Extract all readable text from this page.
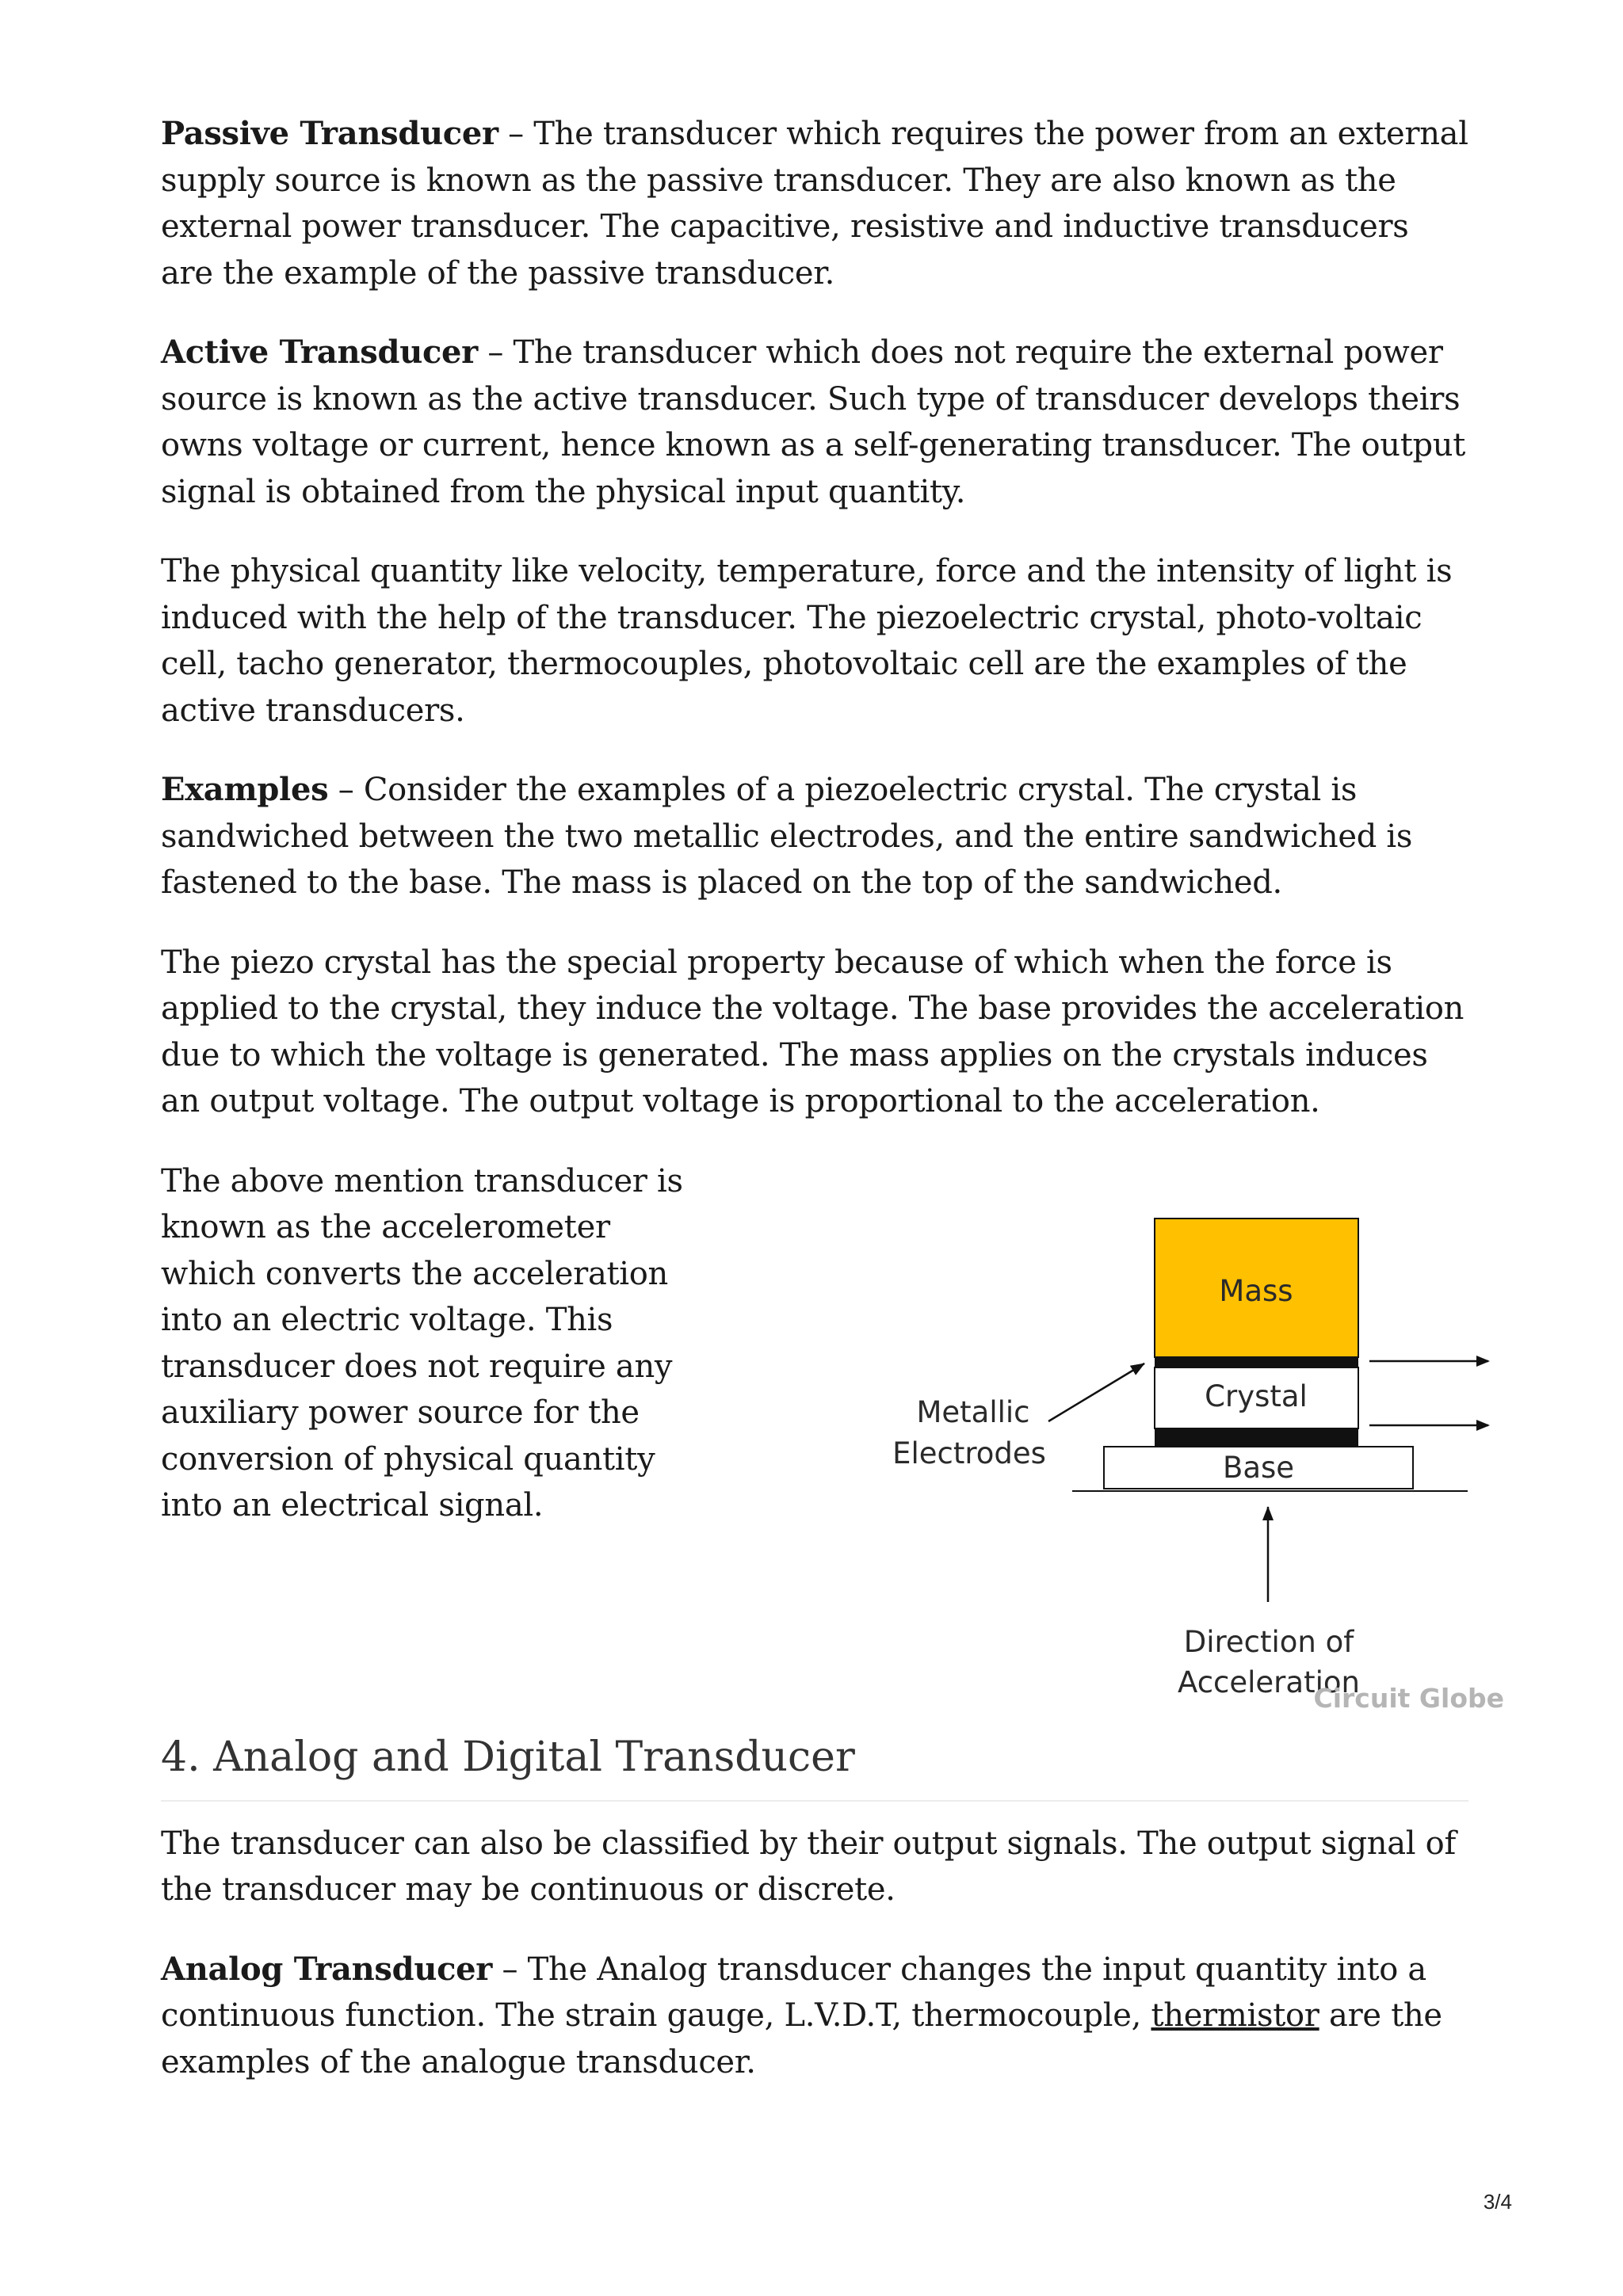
Passive Transducer – The transducer which requires the power from an external supply source is known as the passive transducer. They are also known as the external power transducer. The capacitive, resistive and inductive transducers are the example of the passive transducer.

Active Transducer – The transducer which does not require the external power source is known as the active transducer. Such type of transducer develops theirs owns voltage or current, hence known as a self-generating transducer. The output signal is obtained from the physical input quantity.

The physical quantity like velocity, temperature, force and the intensity of light is induced with the help of the transducer. The piezoelectric crystal, photo-voltaic cell, tacho generator, thermocouples, photovoltaic cell are the examples of the active transducers.

Examples – Consider the examples of a piezoelectric crystal. The crystal is sandwiched between the two metallic electrodes, and the entire sandwiched is fastened to the base. The mass is placed on the top of the sandwiched.

The piezo crystal has the special property because of which when the force is applied to the crystal, they induce the voltage. The base provides the acceleration due to which the voltage is generated. The mass applies on the crystals induces an output voltage. The output voltage is proportional to the acceleration.

The above mention transducer is known as the accelerometer which converts the acceleration into an electric voltage. This transducer does not require any auxiliary power source for the conversion of physical quantity into an electrical signal.

Mass
Crystal
Base
Metallic
Electrodes
Direction of
Acceleration
Circuit Globe
4. Analog and Digital Transducer

The transducer can also be classified by their output signals. The output signal of the transducer may be continuous or discrete.

Analog Transducer – The Analog transducer changes the input quantity into a continuous function. The strain gauge, L.V.D.T, thermocouple, thermistor are the examples of the analogue transducer.

3/4
